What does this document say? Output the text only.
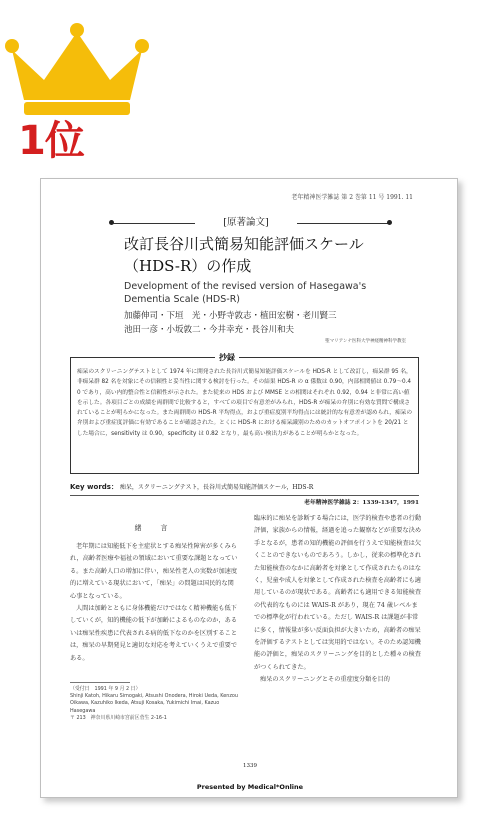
1位
老年精神医学雑誌 第 2 巻第 11 号 1991. 11
[原著論文]
改訂長谷川式簡易知能評価スケール
（HDS-R）の作成
Development of the revised version of Hasegawa's
Dementia Scale (HDS-R)
加藤伸司・下垣　光・小野寺敦志・植田宏樹・老川賢三
池田一彦・小坂敦二・今井幸充・長谷川和夫
聖マリアンナ医科大学神経精神科学教室
抄録
痴呆のスクリーニングテストとして 1974 年に開発された長谷川式簡易知能評価スケールを HDS-R として改訂し，痴呆群 95 名，非痴呆群 82 名を対象にその信頼性と妥当性に関する検討を行った。その結果 HDS-R の α 係数は 0.90，内部相関値は 0.79～0.40 であり，高い内的整合性と信頼性が示された。また従来の HDS および MMSE との相関はそれぞれ 0.92，0.94 と非常に高い値を示した。各項目ごとの成績を両群間で比較すると，すべての項目で有意差がみられ，HDS-R が痴呆の弁別に有効な質問で構成されていることが明らかになった。また両群間の HDS-R 平均得点，および重症度別平均得点には統計的な有意差が認められ，痴呆の弁別および重症度評価に有効であることが確認された。とくに HDS-R における痴呆識別のためのカットオフポイントを 20/21 とした場合に，sensitivity は 0.90，specificity は 0.82 となり，最も高い検出力があることが明らかとなった。
Key words： 痴呆，スクリーニングテスト，長谷川式簡易知能評価スケール，HDS-R
老年精神医学雑誌 2：1339-1347，1991
緒　言

老年期には知能低下を主症状とする痴呆性障害が多くみられ，高齢者医療や福祉の領域において重要な課題となっている。また高齢人口の増加に伴い，痴呆性老人の実数が加速度的に増えている現状において，「痴呆」の問題は国民的な関心事となっている。

人間は加齢とともに身体機能だけではなく精神機能も低下していくが，知的機能の低下が加齢によるものなのか，あるいは痴呆性疾患に代表される病的低下なのかを区別することは，痴呆の早期発見と適切な対応を考えていくうえで重要である。

（受付日　1991 年 9 月 2 日）
Shinji Katoh, Hikaru Simogaki, Atsushi Onodera, Hiroki Ueda, Kenzou Oikawa, Kazuhiko Ikeda, Atsuji Kosaka, Yukimichi Imai, Kazuo Hasegawa
〒 213　神奈川県川崎市宮前区菅生 2-16-1

臨床的に痴呆を診断する場合には，医学的検査や患者の行動評価，家族からの情報，経過を追った観察などが重要な決め手となるが，患者の知的機能の評価を行うえで知能検査は欠くことのできないものであろう。しかし，従来の標準化された知能検査のなかに高齢者を対象として作成されたものはなく，児童や成人を対象として作成された検査を高齢者にも適用しているのが現状である。高齢者にも適用できる知能検査の代表的なものには WAIS-R があり，現在 74 歳レベルまでの標準化が行われている。ただし WAIS-R は課題が非常に多く，情報量が多い反面負担が大きいため，高齢者の痴呆を評価するテストとしては実用的ではない。そのため認知機能の評価と，痴呆のスクリーニングを目的とした種々の検査がつくられてきた。

痴呆のスクリーニングとその重症度分類を目的

1339
Presented by Medical*Online
